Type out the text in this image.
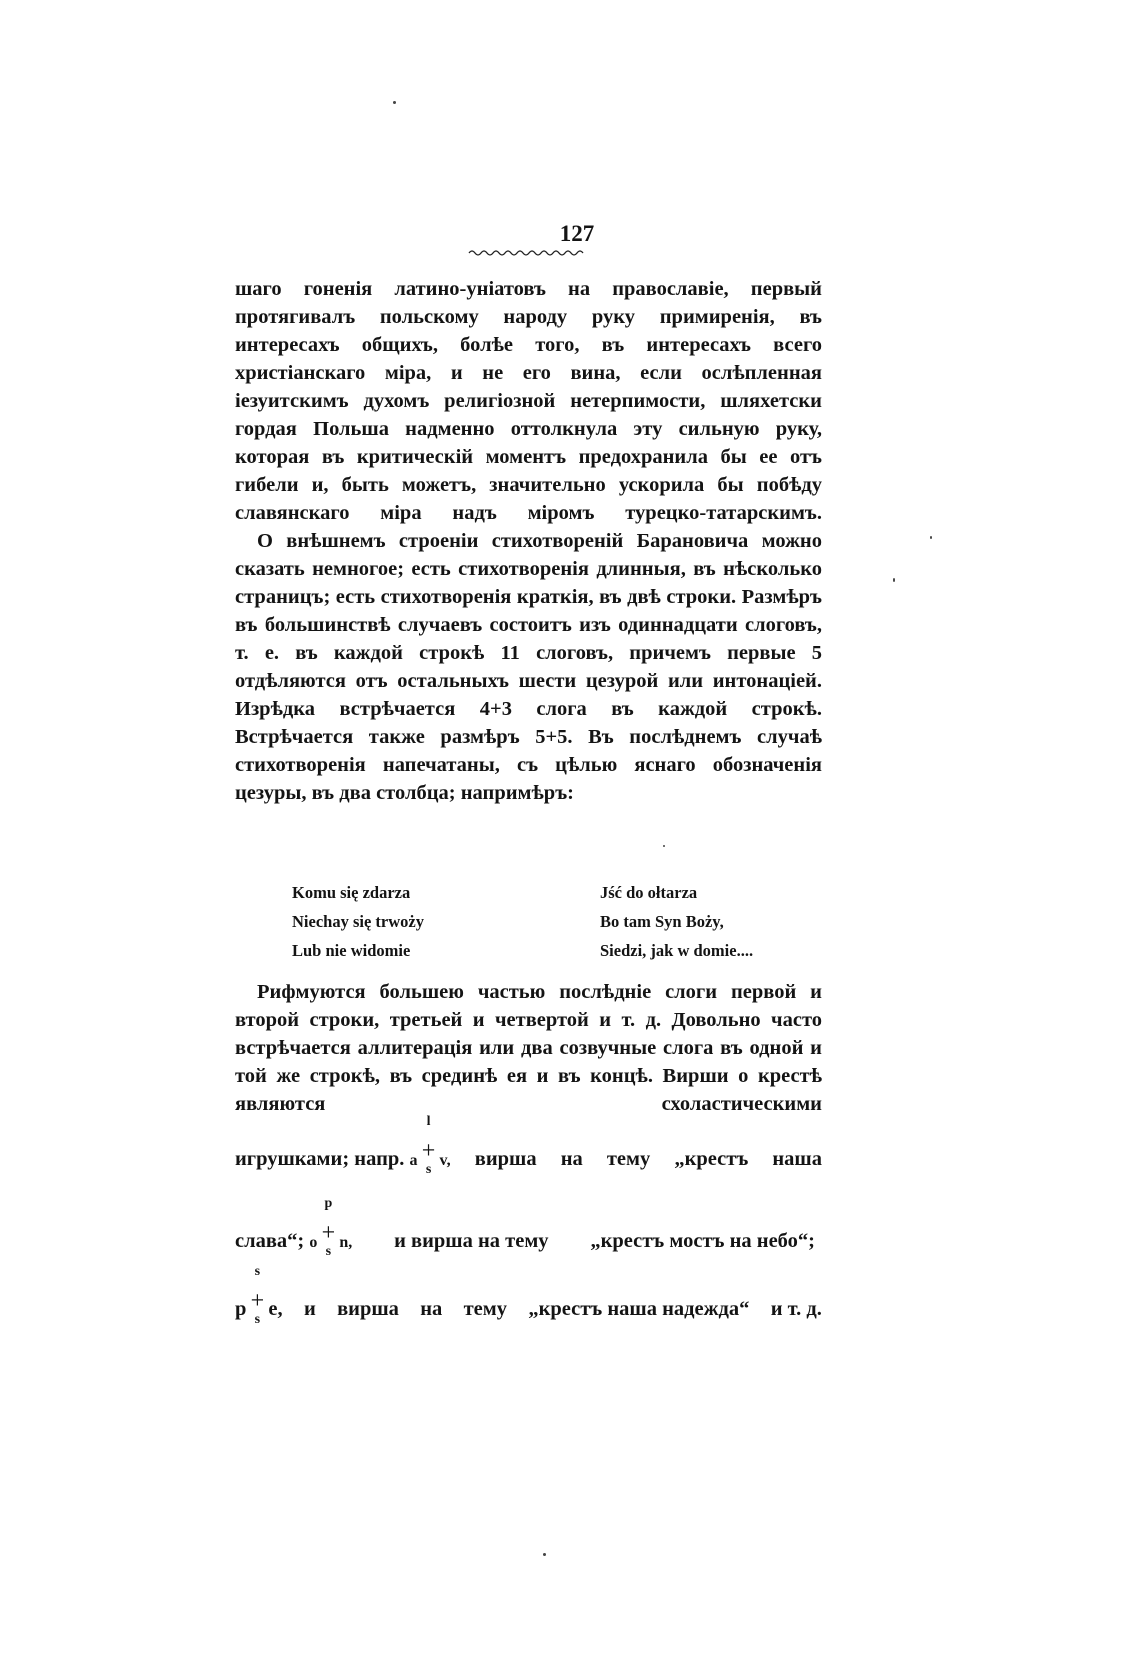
127

шаго гоненія латино-уніатовъ на православіе, первый протягивалъ польскому народу руку примиренія, въ интересахъ общихъ, болѣе того, въ интересахъ всего христіанскаго міра, и не его вина, если ослѣпленная іезуитскимъ духомъ религіозной нетерпимости, шляхетски гордая Польша надменно оттолкнула эту сильную руку, которая въ критическій моментъ предохранила бы ее отъ гибели и, быть можетъ, значительно ускорила бы побѣду славянскаго міра надъ міромъ турецко-татарскимъ.

О внѣшнемъ строеніи стихотвореній Барановича можно сказать немногое; есть стихотворенія длинныя, въ нѣсколько страницъ; есть стихотворенія краткія, въ двѣ строки. Размѣръ въ большинствѣ случаевъ состоитъ изъ одиннадцати слоговъ, т. е. въ каждой строкѣ 11 слоговъ, причемъ первые 5 отдѣляются отъ остальныхъ шести цезурой или интонаціей. Изрѣдка встрѣчается 4+3 слога въ каждой строкѣ. Встрѣчается также размѣръ 5+5. Въ послѣднемъ случаѣ стихотворенія напечатаны, съ цѣлью яснаго обозначенія цезуры, въ два столбца; напримѣръ:

Komu się zdarza	Jść do ołtarza
Niechay się trwoży	Bo tam Syn Boży,
Lub nie widomie	Siedzi, jak w domie....

Рифмуются большею частью послѣдніе слоги первой и второй строки, третьей и четвертой и т. д. Довольно часто встрѣчается аллитерація или два созвучные слога въ одной и той же строкѣ, въ срединѣ ея и въ концѣ. Вирши о крестѣ являются схоластическими

игрушками; напр. a +
l
s
v, вирша на тему „крестъ наша
слава“; o +
p
s
n, и вирша на тему „крестъ мостъ на небо“;
p +
s
s e, и вирша на тему „крестъ наша надежда“ и т. д.
